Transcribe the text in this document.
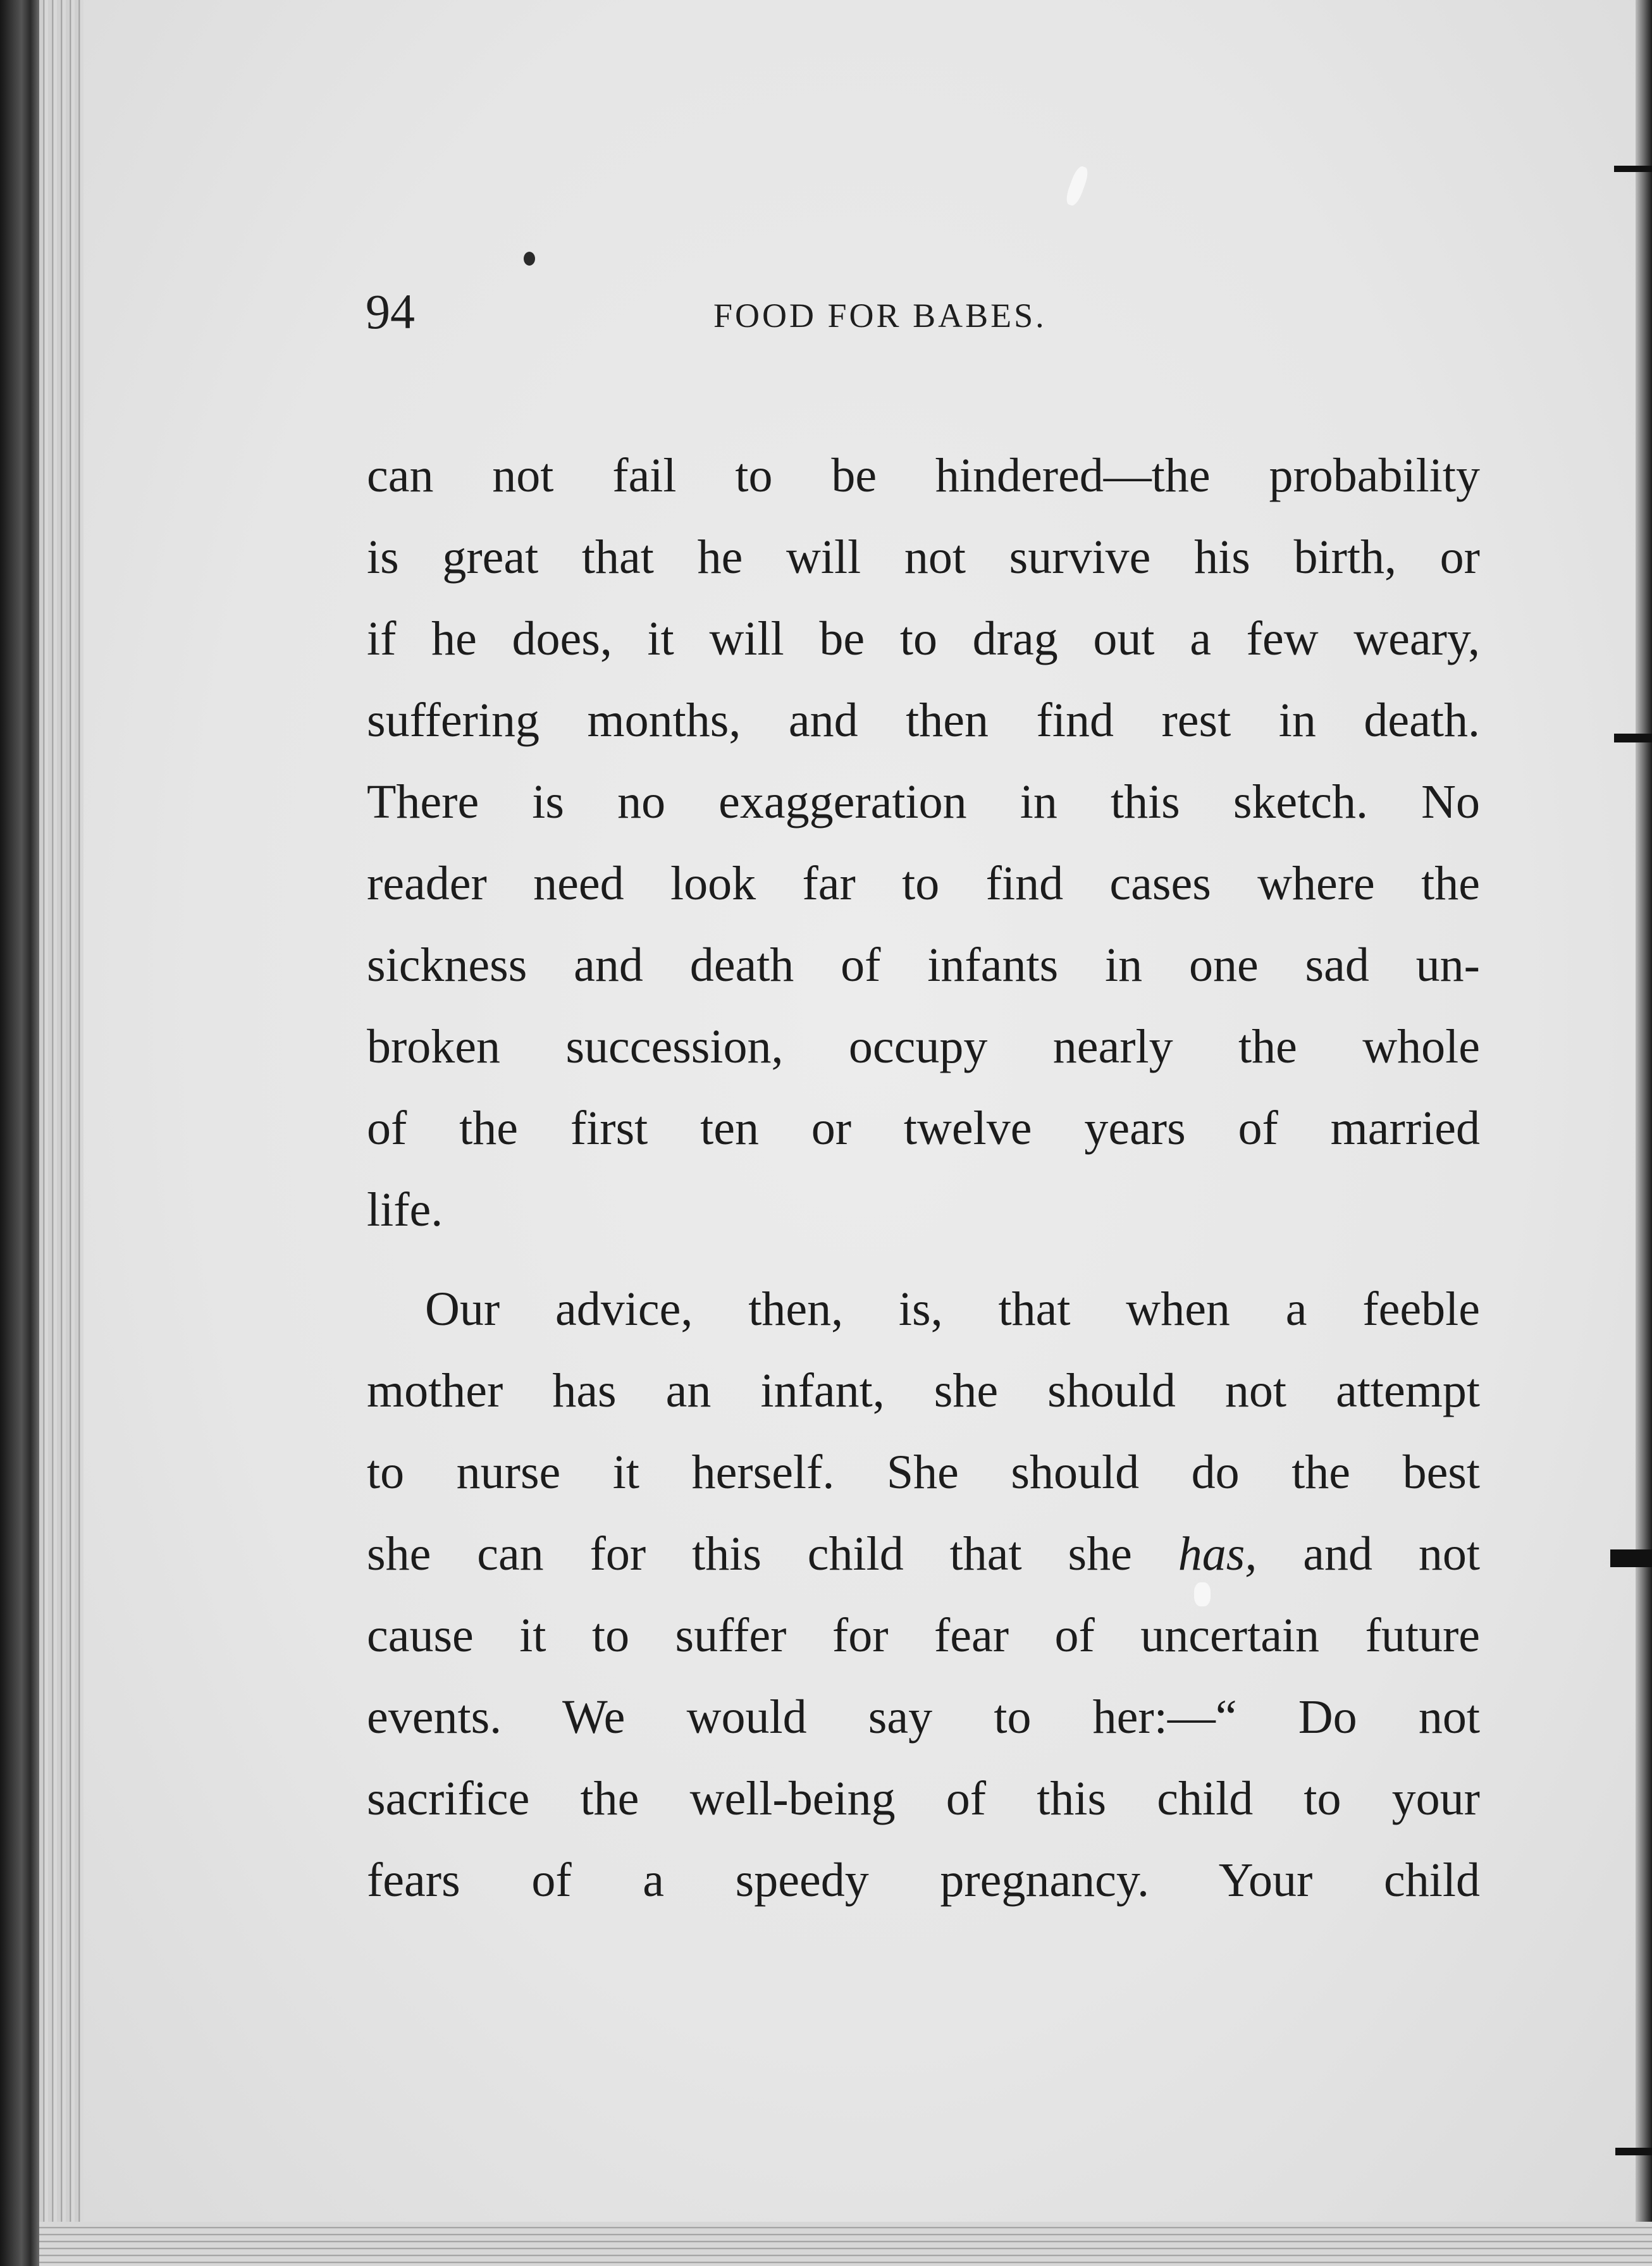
94	FOOD FOR BABES.
can not fail to be hindered—the probability
is great that he will not survive his birth, or
if he does, it will be to drag out a few weary,
suffering months, and then find rest in death.
There is no exaggeration in this sketch. No
reader need look far to find cases where the
sickness and death of infants in one sad un-
broken succession, occupy nearly the whole
of the first ten or twelve years of married
life.
Our advice, then, is, that when a feeble
mother has an infant, she should not attempt
to nurse it herself. She should do the best
she can for this child that she has, and not
cause it to suffer for fear of uncertain future
events. We would say to her:—“ Do not
sacrifice the well-being of this child to your
fears of a speedy pregnancy. Your child
